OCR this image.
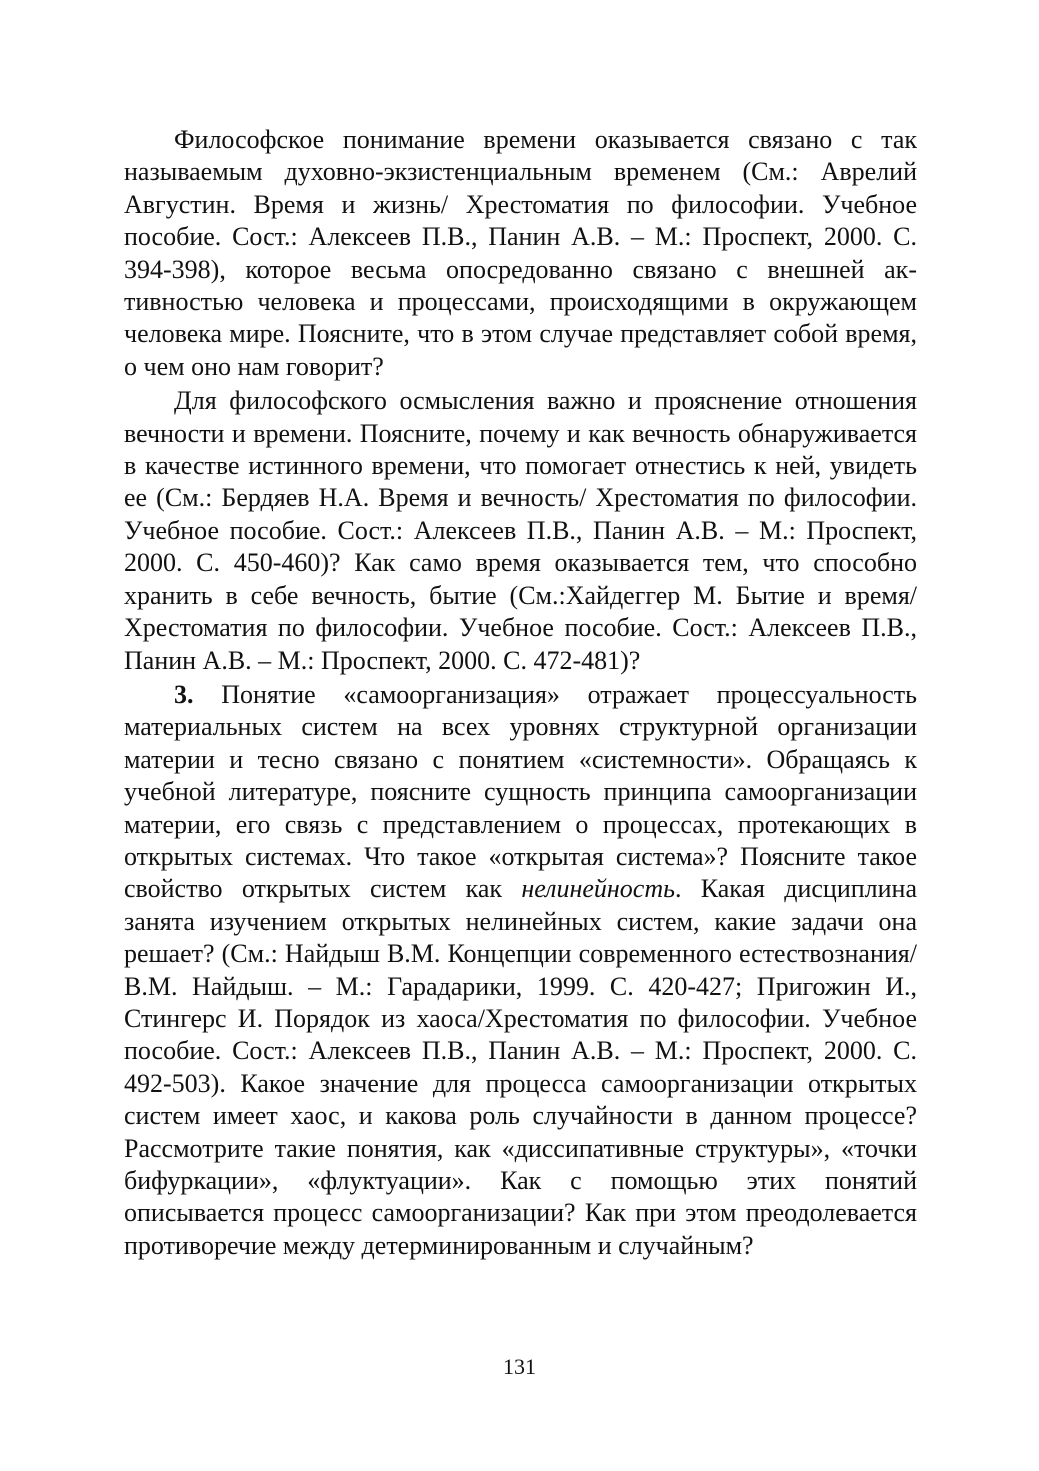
Философское понимание времени оказывается связано с так называемым духовно-экзистенциальным временем (См.: Аврелий Августин. Время и жизнь/ Хрестоматия по философии. Учебное пособие. Сост.: Алексеев П.В., Панин А.В. – М.: Проспект, 2000. С. 394-398), которое весьма опосредованно связано с внешней активностью человека и процессами, происходящими в окружающем человека мире. Поясните, что в этом случае представляет собой время, о чем оно нам говорит?

Для философского осмысления важно и прояснение отношения вечности и времени. Поясните, почему и как вечность обнаруживается в качестве истинного времени, что помогает отнестись к ней, увидеть ее (См.: Бердяев Н.А. Время и вечность/ Хрестоматия по философии. Учебное пособие. Сост.: Алексеев П.В., Панин А.В. – М.: Проспект, 2000. С. 450-460)? Как само время оказывается тем, что способно хранить в себе вечность, бытие (См.:Хайдеггер М. Бытие и время/ Хрестоматия по философии. Учебное пособие. Сост.: Алексеев П.В., Панин А.В. – М.: Проспект, 2000. С. 472-481)?

3. Понятие «самоорганизация» отражает процессуальность материальных систем на всех уровнях структурной организации материи и тесно связано с понятием «системности». Обращаясь к учебной литературе, поясните сущность принципа самоорганизации материи, его связь с представлением о процессах, протекающих в открытых системах. Что такое «открытая система»? Поясните такое свойство открытых систем как нелинейность. Какая дисциплина занята изучением открытых нелинейных систем, какие задачи она решает? (См.: Найдыш В.М. Концепции современного естествознания/ В.М. Найдыш. – М.: Гарадарики, 1999. С. 420-427; Пригожин И., Стингерс И. Порядок из хаоса/Хрестоматия по философии. Учебное пособие. Сост.: Алексеев П.В., Панин А.В. – М.: Проспект, 2000. С. 492-503). Какое значение для процесса самоорганизации открытых систем имеет хаос, и какова роль случайности в данном процессе? Рассмотрите такие понятия, как «диссипативные структуры», «точки бифуркации», «флуктуации». Как с помощью этих понятий описывается процесс самоорганизации? Как при этом преодолевается противоречие между детерминированным и случайным?

131
